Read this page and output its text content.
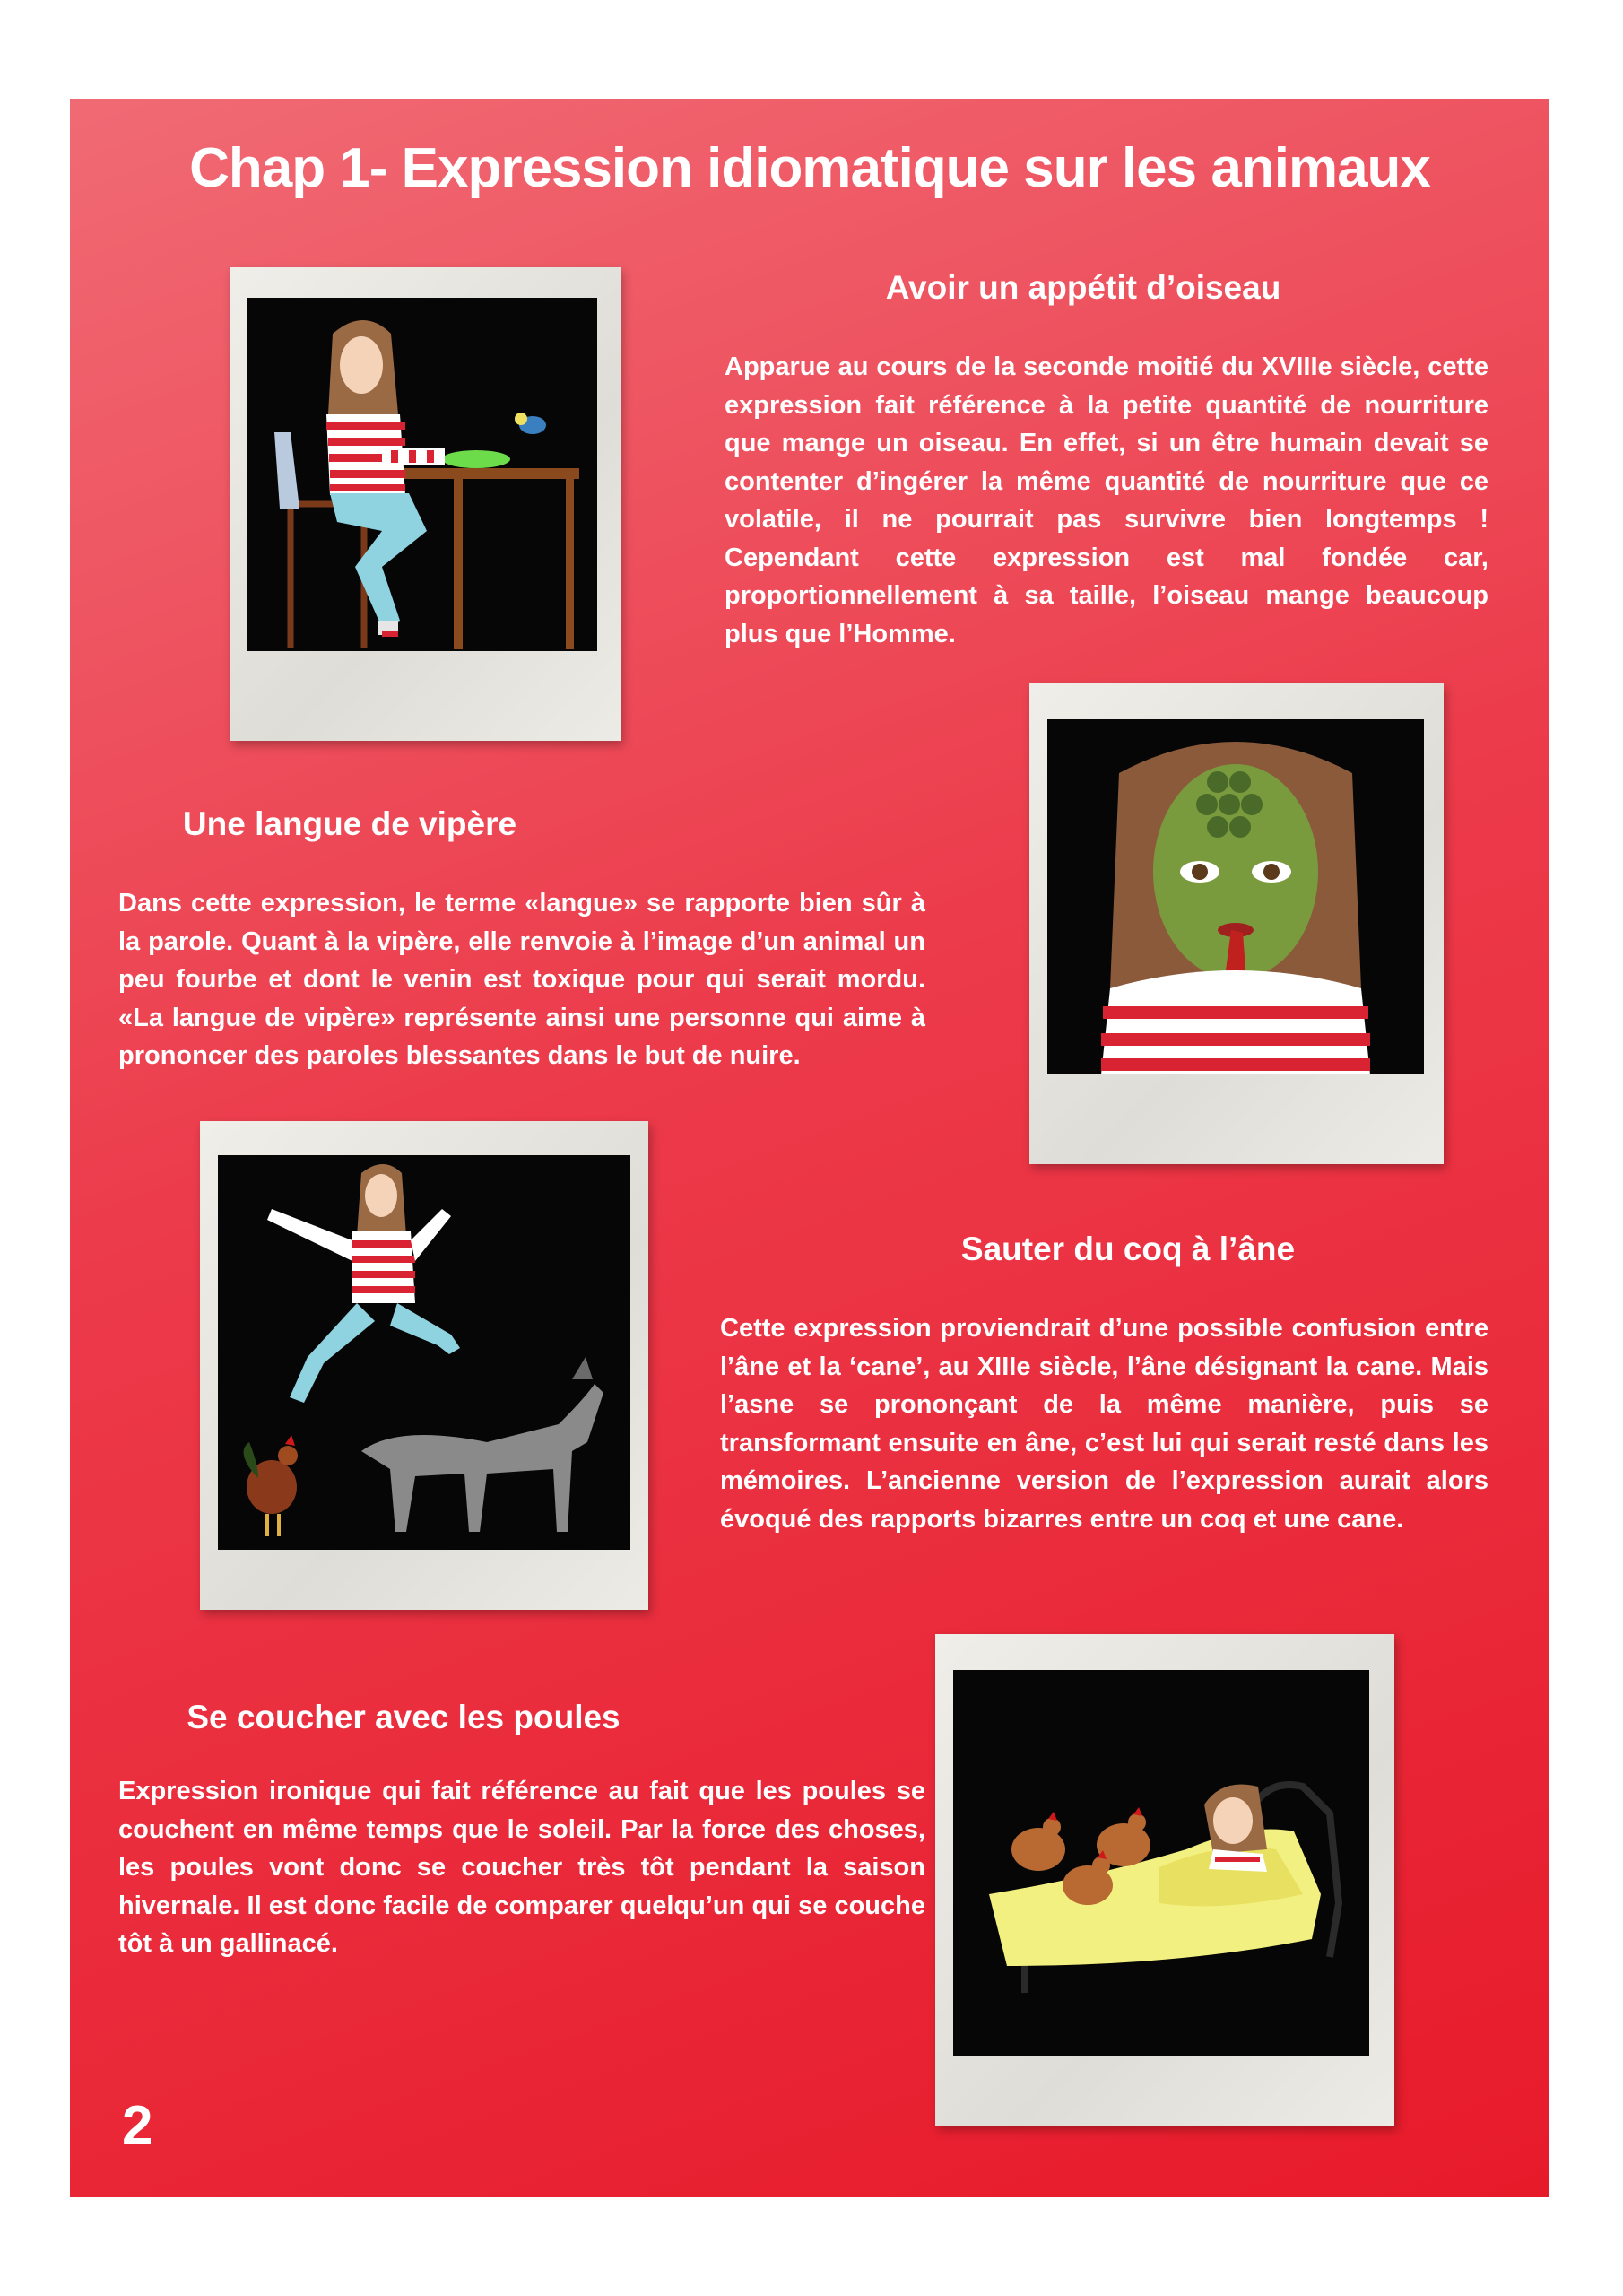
Chap 1- Expression idiomatique sur les animaux
Avoir un appétit d’oiseau
Apparue au cours de la seconde moitié du XVIIIe siècle, cette expression fait référence à la petite quantité de nourriture que mange un oiseau. En effet, si un être humain devait se contenter d’ingérer la même quantité de nourriture que ce volatile, il ne pourrait pas survivre bien longtemps ! Cependant cette expression est mal fondée car, proportionnellement à sa taille, l’oiseau mange beaucoup plus que l’Homme.
Une langue de vipère
Dans cette expression, le terme «langue» se rapporte bien sûr à la parole. Quant à la vipère, elle renvoie à l’image d’un animal un peu fourbe et dont le venin est toxique pour qui serait mordu. «La langue de vipère» représente ainsi une personne qui aime à prononcer des paroles blessantes dans le but de nuire.
Sauter du coq à l’âne
Cette expression proviendrait d’une possible confusion entre l’âne et la ‘cane’, au XIIIe siècle, l’âne désignant la cane. Mais l’asne se prononçant de la même manière, puis se transformant ensuite en âne, c’est lui qui serait resté dans les mémoires. L’ancienne version de l’expression aurait alors évoqué des rapports bizarres entre un coq et une cane.
Se coucher avec les poules
Expression ironique qui fait référence au fait que les poules se couchent en même temps que le soleil. Par la force des choses, les poules vont donc se coucher très tôt pendant la saison hivernale. Il est donc facile de comparer quelqu’un qui se couche tôt à un gallinacé.
2
